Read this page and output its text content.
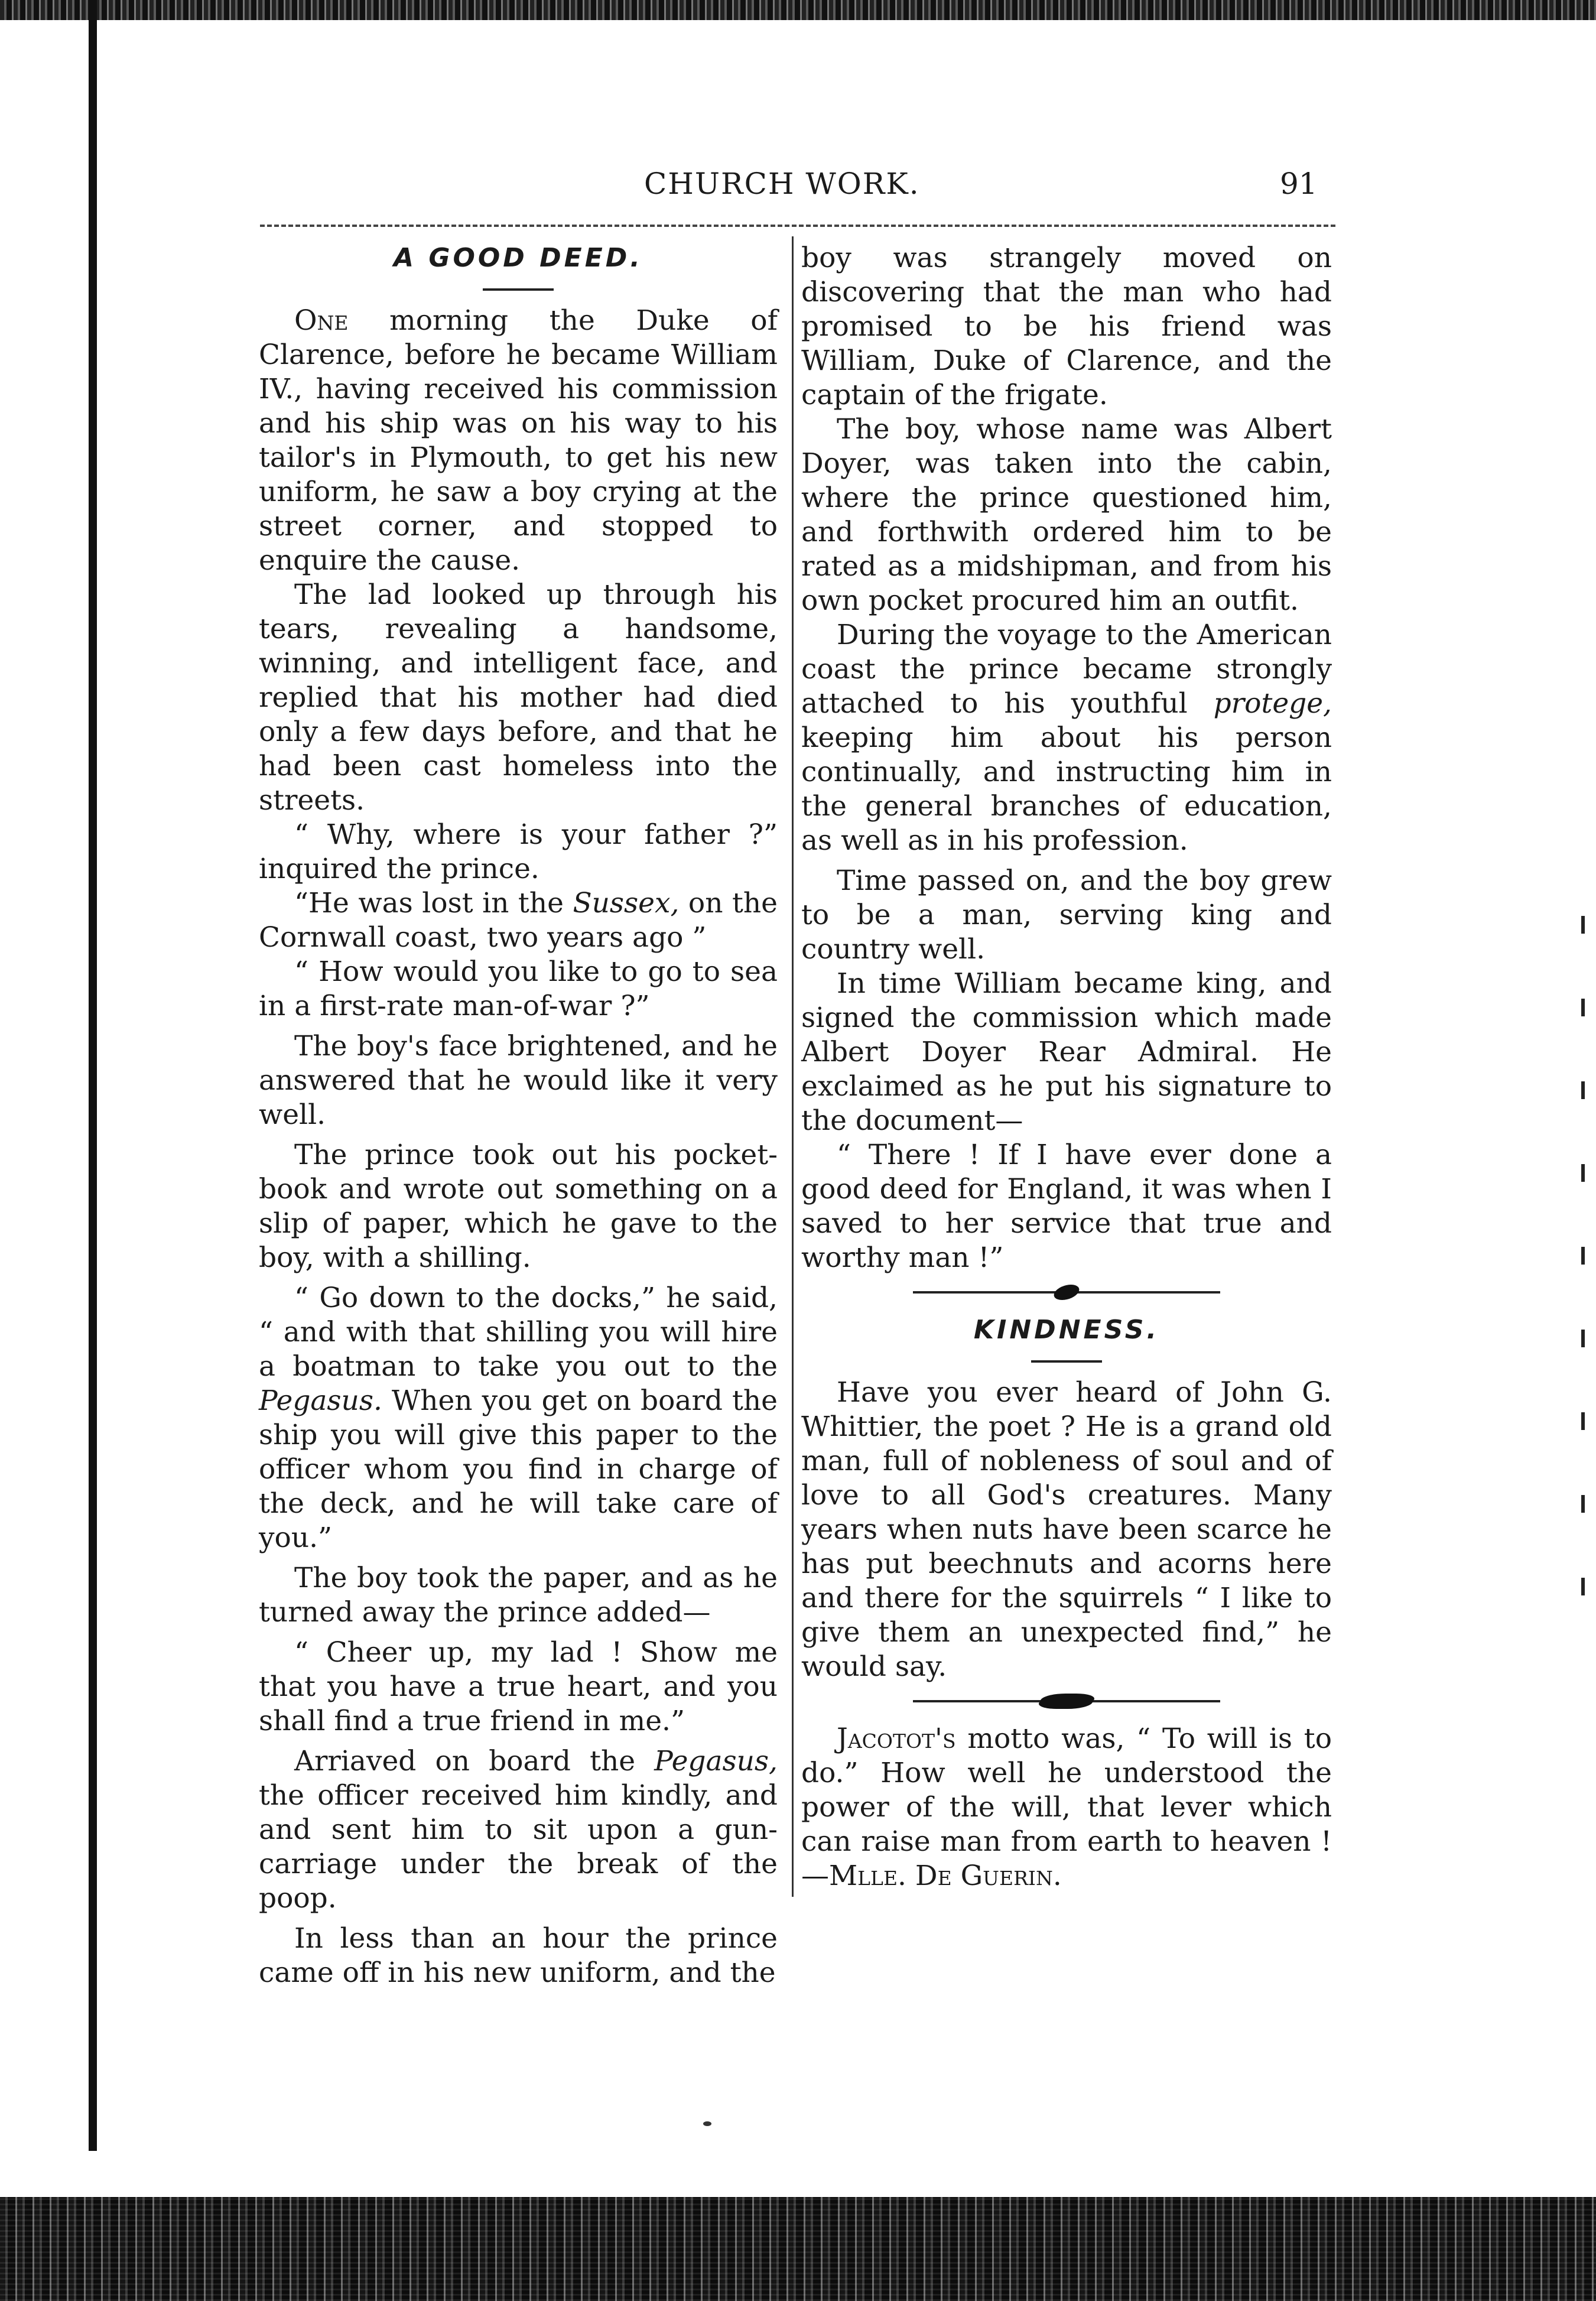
CHURCH WORK.	91
A GOOD DEED.

One morning the Duke of Clarence, before he became William IV., having received his commission and his ship was on his way to his tailor's in Plymouth, to get his new uniform, he saw a boy crying at the street corner, and stopped to enquire the cause.

The lad looked up through his tears, revealing a handsome, winning, and intelligent face, and replied that his mother had died only a few days before, and that he had been cast homeless into the streets.

“ Why, where is your father ?” inquired the prince.

“He was lost in the Sussex, on the Cornwall coast, two years ago ”

“ How would you like to go to sea in a first-rate man-of-war ?”

The boy's face brightened, and he answered that he would like it very well.

The prince took out his pocket-book and wrote out something on a slip of paper, which he gave to the boy, with a shilling.

“ Go down to the docks,” he said, “ and with that shilling you will hire a boatman to take you out to the Pegasus. When you get on board the ship you will give this paper to the officer whom you find in charge of the deck, and he will take care of you.”

The boy took the paper, and as he turned away the prince added—

“ Cheer up, my lad ! Show me that you have a true heart, and you shall find a true friend in me.”

Arriaved on board the Pegasus, the officer received him kindly, and and sent him to sit upon a gun-carriage under the break of the poop.

In less than an hour the prince came off in his new uniform, and the

boy was strangely moved on discovering that the man who had promised to be his friend was William, Duke of Clarence, and the captain of the frigate.

The boy, whose name was Albert Doyer, was taken into the cabin, where the prince questioned him, and forthwith ordered him to be rated as a midshipman, and from his own pocket procured him an outfit.

During the voyage to the American coast the prince became strongly attached to his youthful protege, keeping him about his person continually, and instructing him in the general branches of education, as well as in his profession.

Time passed on, and the boy grew to be a man, serving king and country well.

In time William became king, and signed the commission which made Albert Doyer Rear Admiral. He exclaimed as he put his signature to the document—

“ There ! If I have ever done a good deed for England, it was when I saved to her service that true and worthy man !”

KINDNESS.

Have you ever heard of John G. Whittier, the poet ? He is a grand old man, full of nobleness of soul and of love to all God's creatures. Many years when nuts have been scarce he has put beechnuts and acorns here and there for the squirrels “ I like to give them an unexpected find,” he would say.

Jacotot's motto was, “ To will is to do.” How well he understood the power of the will, that lever which can raise man from earth to heaven !—Mlle. De Guerin.
